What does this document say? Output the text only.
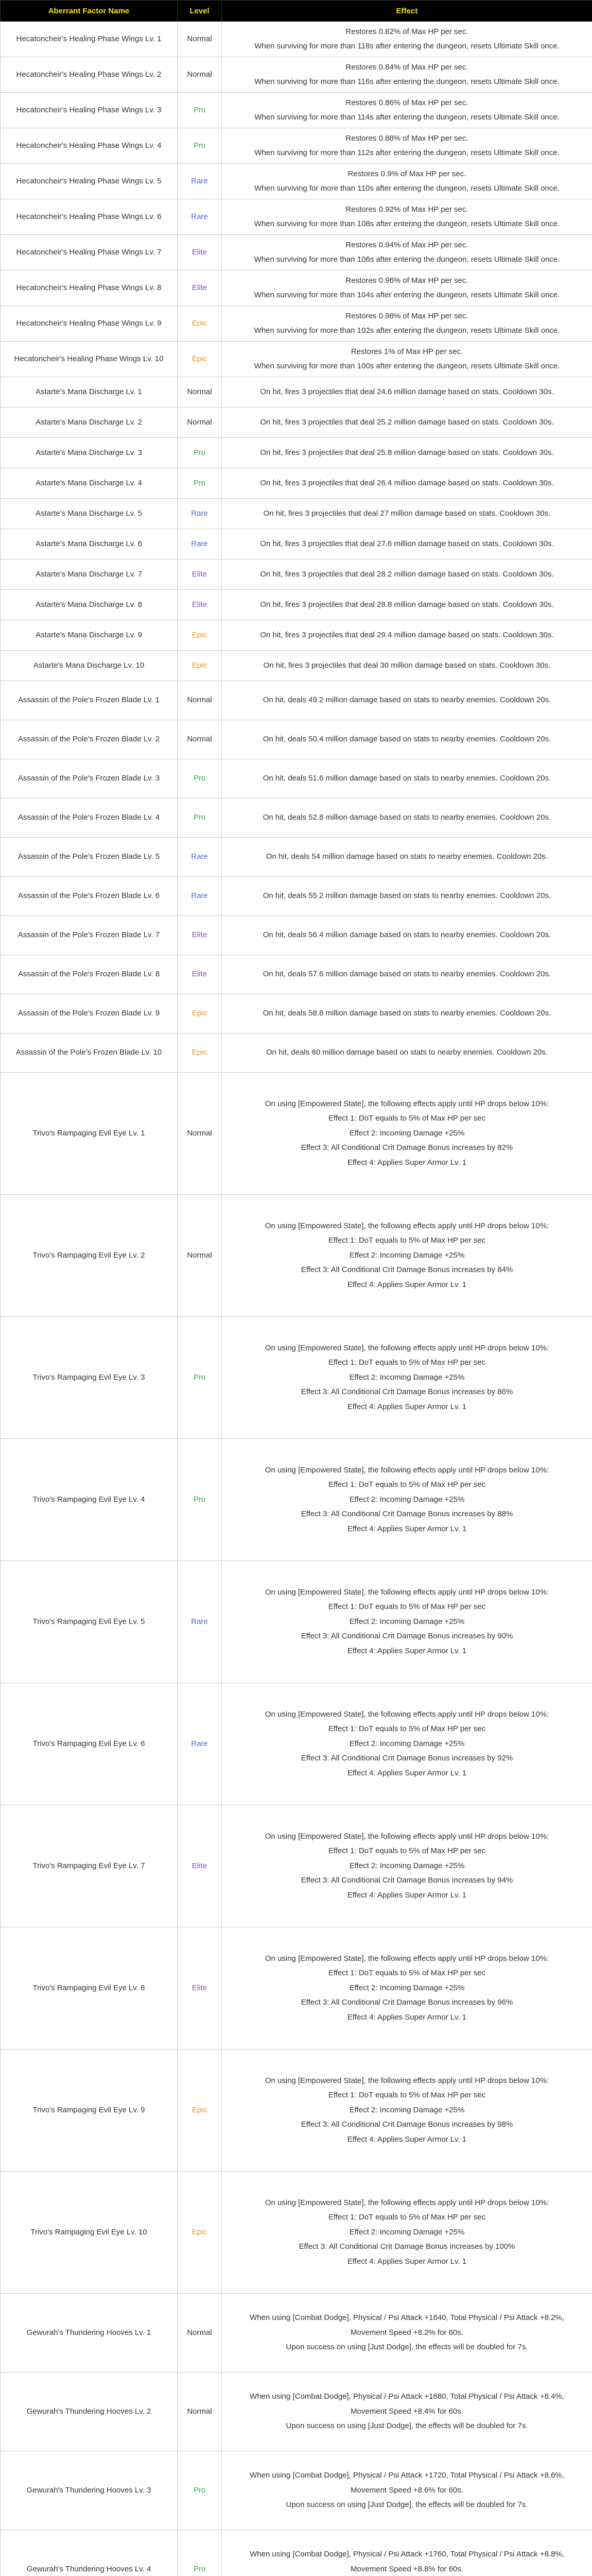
Aberrant Factor Name	Level	Effect
Hecatoncheir's Healing Phase Wings Lv. 1	Normal	Restores 0.82% of Max HP per sec.
When surviving for more than 118s after entering the dungeon, resets Ultimate Skill once.

Hecatoncheir's Healing Phase Wings Lv. 2	Normal	Restores 0.84% of Max HP per sec.
When surviving for more than 116s after entering the dungeon, resets Ultimate Skill once.

Hecatoncheir's Healing Phase Wings Lv. 3	Pro	Restores 0.86% of Max HP per sec.
When surviving for more than 114s after entering the dungeon, resets Ultimate Skill once.

Hecatoncheir's Healing Phase Wings Lv. 4	Pro	Restores 0.88% of Max HP per sec.
When surviving for more than 112s after entering the dungeon, resets Ultimate Skill once.

Hecatoncheir's Healing Phase Wings Lv. 5	Rare	Restores 0.9% of Max HP per sec.
When surviving for more than 110s after entering the dungeon, resets Ultimate Skill once.

Hecatoncheir's Healing Phase Wings Lv. 6	Rare	Restores 0.92% of Max HP per sec.
When surviving for more than 108s after entering the dungeon, resets Ultimate Skill once.

Hecatoncheir's Healing Phase Wings Lv. 7	Elite	Restores 0.94% of Max HP per sec.
When surviving for more than 106s after entering the dungeon, resets Ultimate Skill once.

Hecatoncheir's Healing Phase Wings Lv. 8	Elite	Restores 0.96% of Max HP per sec.
When surviving for more than 104s after entering the dungeon, resets Ultimate Skill once.

Hecatoncheir's Healing Phase Wings Lv. 9	Epic	Restores 0.98% of Max HP per sec.
When surviving for more than 102s after entering the dungeon, resets Ultimate Skill once.

Hecatoncheir's Healing Phase Wings Lv. 10	Epic	Restores 1% of Max HP per sec.
When surviving for more than 100s after entering the dungeon, resets Ultimate Skill once.

Astarte's Mana Discharge Lv. 1	Normal	On hit, fires 3 projectiles that deal 24.6 million damage based on stats. Cooldown 30s.

Astarte's Mana Discharge Lv. 2	Normal	On hit, fires 3 projectiles that deal 25.2 million damage based on stats. Cooldown 30s.

Astarte's Mana Discharge Lv. 3	Pro	On hit, fires 3 projectiles that deal 25.8 million damage based on stats. Cooldown 30s.

Astarte's Mana Discharge Lv. 4	Pro	On hit, fires 3 projectiles that deal 26.4 million damage based on stats. Cooldown 30s.

Astarte's Mana Discharge Lv. 5	Rare	On hit, fires 3 projectiles that deal 27 million damage based on stats. Cooldown 30s.

Astarte's Mana Discharge Lv. 6	Rare	On hit, fires 3 projectiles that deal 27.6 million damage based on stats. Cooldown 30s.

Astarte's Mana Discharge Lv. 7	Elite	On hit, fires 3 projectiles that deal 28.2 million damage based on stats. Cooldown 30s.

Astarte's Mana Discharge Lv. 8	Elite	On hit, fires 3 projectiles that deal 28.8 million damage based on stats. Cooldown 30s.

Astarte's Mana Discharge Lv. 9	Epic	On hit, fires 3 projectiles that deal 29.4 million damage based on stats. Cooldown 30s.

Astarte's Mana Discharge Lv. 10	Epic	On hit, fires 3 projectiles that deal 30 million damage based on stats. Cooldown 30s.

Assassin of the Pole's Frozen Blade Lv. 1	Normal	On hit, deals 49.2 million damage based on stats to nearby enemies. Cooldown 20s.

Assassin of the Pole's Frozen Blade Lv. 2	Normal	On hit, deals 50.4 million damage based on stats to nearby enemies. Cooldown 20s.

Assassin of the Pole's Frozen Blade Lv. 3	Pro	On hit, deals 51.6 million damage based on stats to nearby enemies. Cooldown 20s.

Assassin of the Pole's Frozen Blade Lv. 4	Pro	On hit, deals 52.8 million damage based on stats to nearby enemies. Cooldown 20s.

Assassin of the Pole's Frozen Blade Lv. 5	Rare	On hit, deals 54 million damage based on stats to nearby enemies. Cooldown 20s.

Assassin of the Pole's Frozen Blade Lv. 6	Rare	On hit, deals 55.2 million damage based on stats to nearby enemies. Cooldown 20s.

Assassin of the Pole's Frozen Blade Lv. 7	Elite	On hit, deals 56.4 million damage based on stats to nearby enemies. Cooldown 20s.

Assassin of the Pole's Frozen Blade Lv. 8	Elite	On hit, deals 57.6 million damage based on stats to nearby enemies. Cooldown 20s.

Assassin of the Pole's Frozen Blade Lv. 9	Epic	On hit, deals 58.8 million damage based on stats to nearby enemies. Cooldown 20s.

Assassin of the Pole's Frozen Blade Lv. 10	Epic	On hit, deals 60 million damage based on stats to nearby enemies. Cooldown 20s.

Trivo's Rampaging Evil Eye Lv. 1	Normal	On using [Empowered State], the following effects apply until HP drops below 10%:
Effect 1: DoT equals to 5% of Max HP per sec
Effect 2: Incoming Damage +25%
Effect 3: All Conditional Crit Damage Bonus increases by 82%
Effect 4: Applies Super Armor Lv. 1

Trivo's Rampaging Evil Eye Lv. 2	Normal	On using [Empowered State], the following effects apply until HP drops below 10%:
Effect 1: DoT equals to 5% of Max HP per sec
Effect 2: Incoming Damage +25%
Effect 3: All Conditional Crit Damage Bonus increases by 84%
Effect 4: Applies Super Armor Lv. 1

Trivo's Rampaging Evil Eye Lv. 3	Pro	On using [Empowered State], the following effects apply until HP drops below 10%:
Effect 1: DoT equals to 5% of Max HP per sec
Effect 2: Incoming Damage +25%
Effect 3: All Conditional Crit Damage Bonus increases by 86%
Effect 4: Applies Super Armor Lv. 1

Trivo's Rampaging Evil Eye Lv. 4	Pro	On using [Empowered State], the following effects apply until HP drops below 10%:
Effect 1: DoT equals to 5% of Max HP per sec
Effect 2: Incoming Damage +25%
Effect 3: All Conditional Crit Damage Bonus increases by 88%
Effect 4: Applies Super Armor Lv. 1

Trivo's Rampaging Evil Eye Lv. 5	Rare	On using [Empowered State], the following effects apply until HP drops below 10%:
Effect 1: DoT equals to 5% of Max HP per sec
Effect 2: Incoming Damage +25%
Effect 3: All Conditional Crit Damage Bonus increases by 90%
Effect 4: Applies Super Armor Lv. 1

Trivo's Rampaging Evil Eye Lv. 6	Rare	On using [Empowered State], the following effects apply until HP drops below 10%:
Effect 1: DoT equals to 5% of Max HP per sec
Effect 2: Incoming Damage +25%
Effect 3: All Conditional Crit Damage Bonus increases by 92%
Effect 4: Applies Super Armor Lv. 1

Trivo's Rampaging Evil Eye Lv. 7	Elite	On using [Empowered State], the following effects apply until HP drops below 10%:
Effect 1: DoT equals to 5% of Max HP per sec
Effect 2: Incoming Damage +25%
Effect 3: All Conditional Crit Damage Bonus increases by 94%
Effect 4: Applies Super Armor Lv. 1

Trivo's Rampaging Evil Eye Lv. 8	Elite	On using [Empowered State], the following effects apply until HP drops below 10%:
Effect 1: DoT equals to 5% of Max HP per sec
Effect 2: Incoming Damage +25%
Effect 3: All Conditional Crit Damage Bonus increases by 96%
Effect 4: Applies Super Armor Lv. 1

Trivo's Rampaging Evil Eye Lv. 9	Epic	On using [Empowered State], the following effects apply until HP drops below 10%:
Effect 1: DoT equals to 5% of Max HP per sec
Effect 2: Incoming Damage +25%
Effect 3: All Conditional Crit Damage Bonus increases by 98%
Effect 4: Applies Super Armor Lv. 1

Trivo's Rampaging Evil Eye Lv. 10	Epic	On using [Empowered State], the following effects apply until HP drops below 10%:
Effect 1: DoT equals to 5% of Max HP per sec
Effect 2: Incoming Damage +25%
Effect 3: All Conditional Crit Damage Bonus increases by 100%
Effect 4: Applies Super Armor Lv. 1

Gewurah's Thundering Hooves Lv. 1	Normal	When using [Combat Dodge], Physical / Psi Attack +1640, Total Physical / Psi Attack +8.2%,
Movement Speed +8.2% for 60s.
Upon success on using [Just Dodge], the effects will be doubled for 7s.

Gewurah's Thundering Hooves Lv. 2	Normal	When using [Combat Dodge], Physical / Psi Attack +1680, Total Physical / Psi Attack +8.4%,
Movement Speed +8.4% for 60s.
Upon success on using [Just Dodge], the effects will be doubled for 7s.

Gewurah's Thundering Hooves Lv. 3	Pro	When using [Combat Dodge], Physical / Psi Attack +1720, Total Physical / Psi Attack +8.6%,
Movement Speed +8.6% for 60s.
Upon success on using [Just Dodge], the effects will be doubled for 7s.

Gewurah's Thundering Hooves Lv. 4	Pro	When using [Combat Dodge], Physical / Psi Attack +1760, Total Physical / Psi Attack +8.8%,
Movement Speed +8.8% for 60s.
